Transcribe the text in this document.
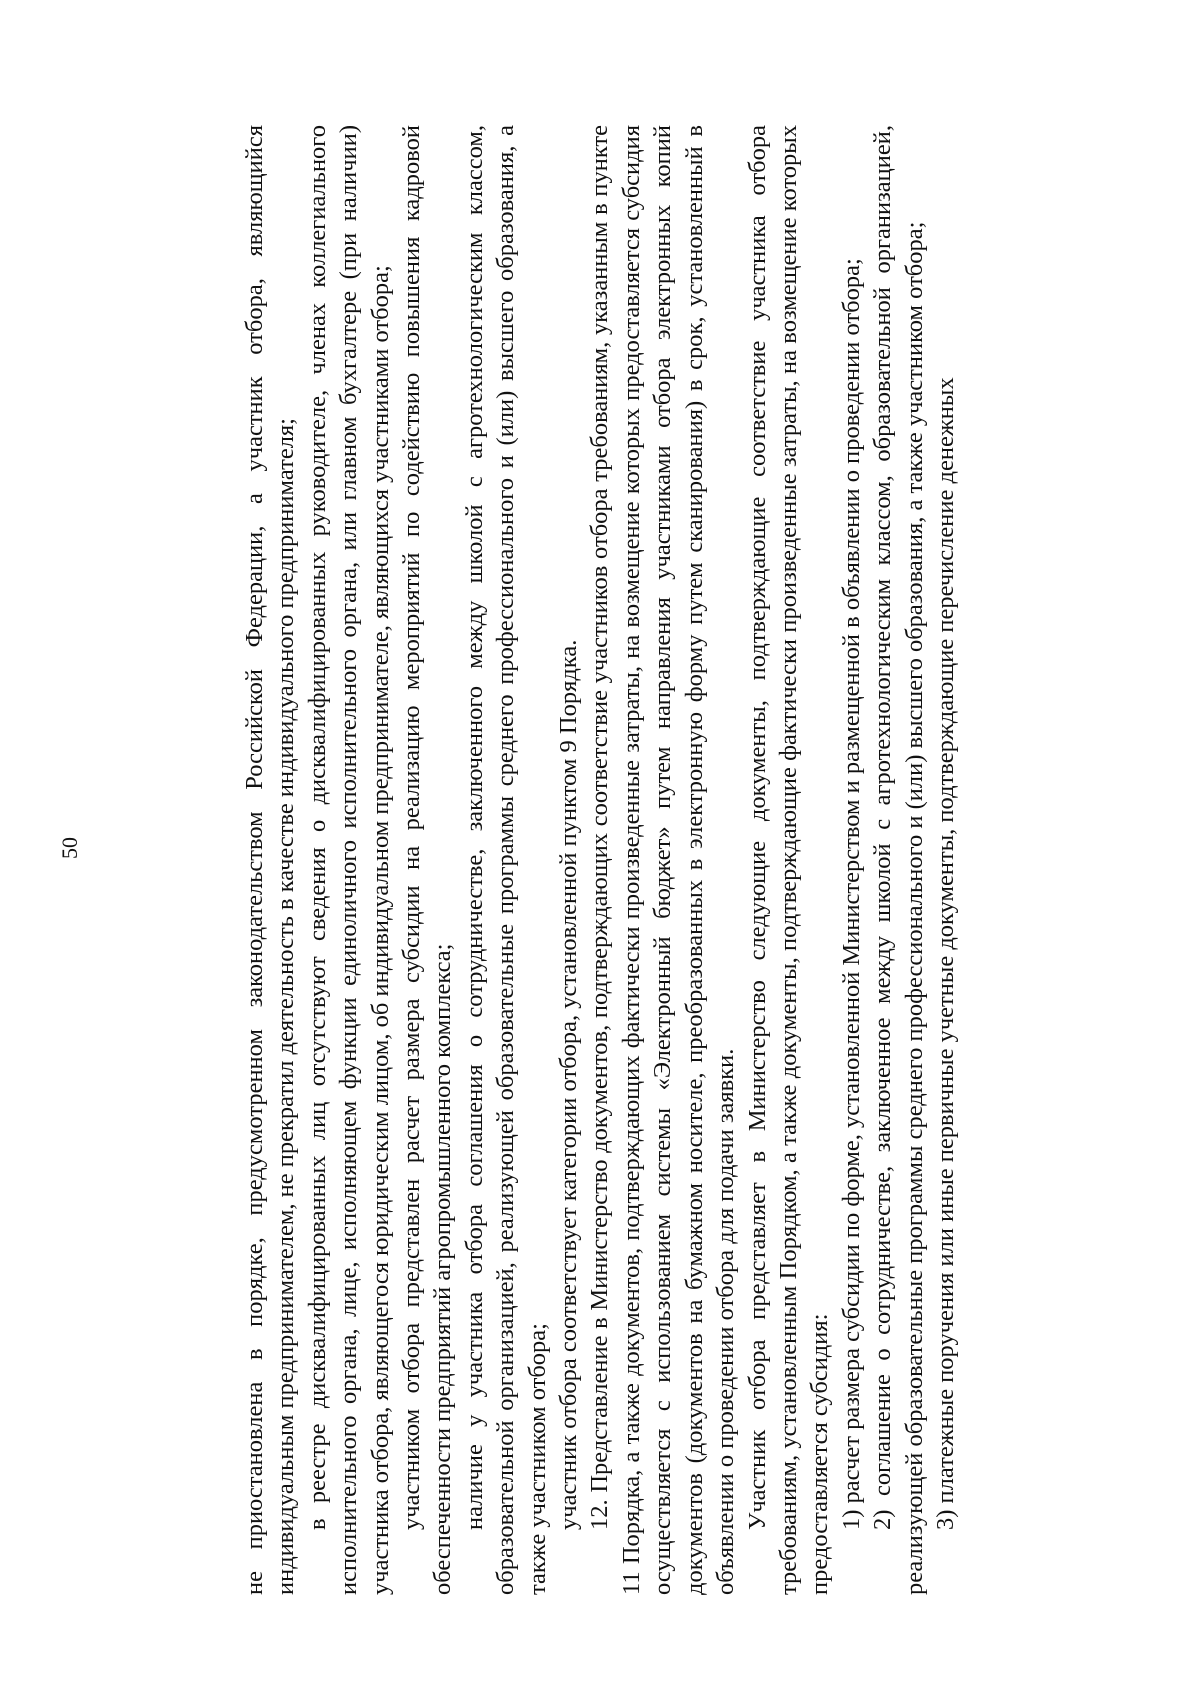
50	не приостановлена в порядке, предусмотренном законодательством Российской Федерации, а участник отбора, являющийся индивидуальным предпринимателем, не прекратил деятельность в качестве индивидуального предпринимателя; в реестре дисквалифицированных лиц отсутствуют сведения о дисквалифицированных руководителе, членах коллегиального исполнительного органа, лице, исполняющем функции единоличного исполнительного органа, или главном бухгалтере (при наличии) участника отбора, являющегося юридическим лицом, об индивидуальном предпринимателе, являющихся участниками отбора; участником отбора представлен расчет размера субсидии на реализацию мероприятий по содействию повышения кадровой обеспеченности предприятий агропромышленного комплекса; наличие у участника отбора соглашения о сотрудничестве, заключенного между школой с агротехнологическим классом, образовательной организацией, реализующей образовательные программы среднего профессионального и (или) высшего образования, а также участником отбора; участник отбора соответствует категории отбора, установленной пунктом 9 Порядка. 12. Представление в Министерство документов, подтверждающих соответствие участников отбора требованиям, указанным в пункте 11 Порядка, а также документов, подтверждающих фактически произведенные затраты, на возмещение которых предоставляется субсидия осуществляется с использованием системы «Электронный бюджет» путем направления участниками отбора электронных копий документов (документов на бумажном носителе, преобразованных в электронную форму путем сканирования) в срок, установленный в объявлении о проведении отбора для подачи заявки. Участник отбора представляет в Министерство следующие документы, подтверждающие соответствие участника отбора требованиям, установленным Порядком, а также документы, подтверждающие фактически произведенные затраты, на возмещение которых предоставляется субсидия: 1) расчет размера субсидии по форме, установленной Министерством и размещенной в объявлении о проведении отбора; 2) соглашение о сотрудничестве, заключенное между школой с агротехнологическим классом, образовательной организацией, реализующей образовательные программы среднего профессионального и (или) высшего образования, а также участником отбора; 3) платежные поручения или иные первичные учетные документы, подтверждающие перечисление денежных
